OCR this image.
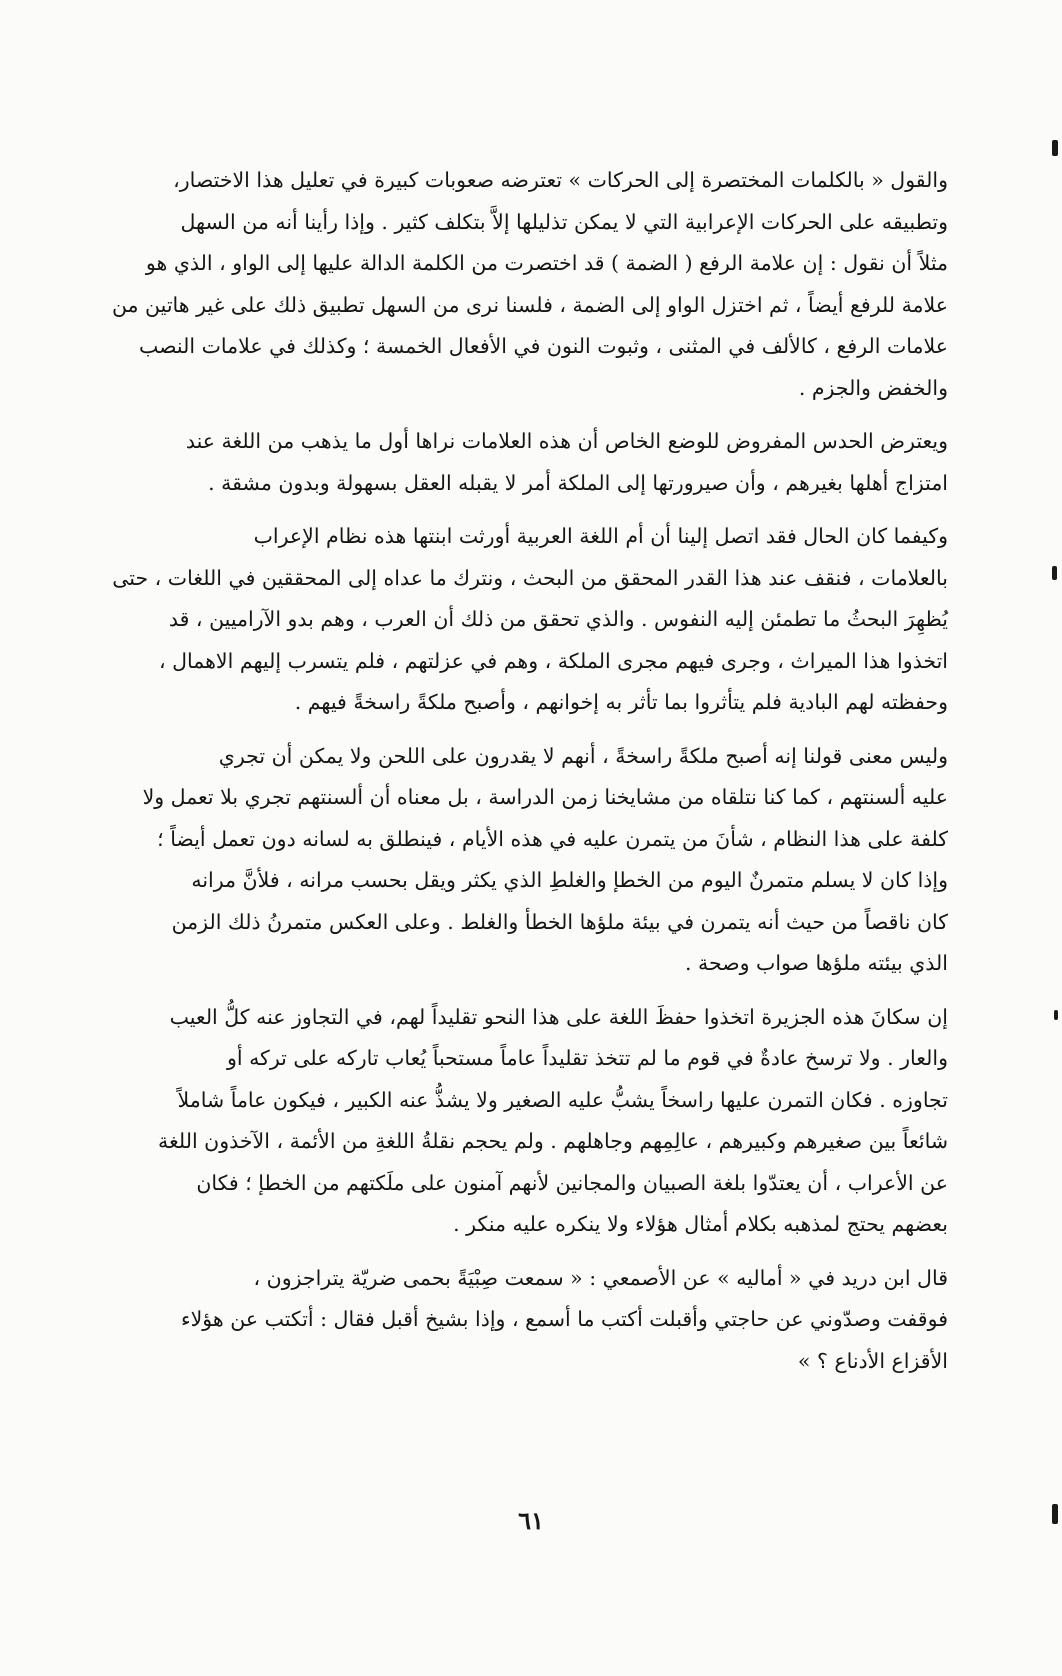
والقول « بالكلمات المختصرة إلى الحركات » تعترضه صعوبات كبيرة في تعليل هذا الاختصار،
وتطبيقه على الحركات الإعرابية التي لا يمكن تذليلها إلاَّ بتكلف كثير . وإذا رأينا أنه من السهل
مثلاً أن نقول : إن علامة الرفع ( الضمة ) قد اختصرت من الكلمة الدالة عليها إلى الواو ، الذي هو
علامة للرفع أيضاً ، ثم اختزل الواو إلى الضمة ، فلسنا نرى من السهل تطبيق ذلك على غير هاتين من
علامات الرفع ، كالألف في المثنى ، وثبوت النون في الأفعال الخمسة ؛ وكذلك في علامات النصب
والخفض والجزم .

ويعترض الحدس المفروض للوضع الخاص أن هذه العلامات نراها أول ما يذهب من اللغة عند
امتزاج أهلها بغيرهم ، وأن صيرورتها إلى الملكة أمر لا يقبله العقل بسهولة وبدون مشقة .

وكيفما كان الحال فقد اتصل إلينا أن أم اللغة العربية أورثت ابنتها هذه نظام الإعراب
بالعلامات ، فنقف عند هذا القدر المحقق من البحث ، ونترك ما عداه إلى المحققين في اللغات ، حتى
يُظهِرَ البحثُ ما تطمئن إليه النفوس . والذي تحقق من ذلك أن العرب ، وهم بدو الآراميين ، قد
اتخذوا هذا الميراث ، وجرى فيهم مجرى الملكة ، وهم في عزلتهم ، فلم يتسرب إليهم الاهمال ،
وحفظته لهم البادية فلم يتأثروا بما تأثر به إخوانهم ، وأصبح ملكةً راسخةً فيهم .

وليس معنى قولنا إنه أصبح ملكةً راسخةً ، أنهم لا يقدرون على اللحن ولا يمكن أن تجري
عليه ألسنتهم ، كما كنا نتلقاه من مشايخنا زمن الدراسة ، بل معناه أن ألسنتهم تجري بلا تعمل ولا
كلفة على هذا النظام ، شأنَ من يتمرن عليه في هذه الأيام ، فينطلق به لسانه دون تعمل أيضاً ؛
وإذا كان لا يسلم متمرنٌ اليوم من الخطإ والغلطِ الذي يكثر ويقل بحسب مرانه ، فلأنَّ مرانه
كان ناقصاً من حيث أنه يتمرن في بيئة ملؤها الخطأ والغلط . وعلى العكس متمرنُ ذلك الزمن
الذي بيئته ملؤها صواب وصحة .

إن سكانَ هذه الجزيرة اتخذوا حفظَ اللغة على هذا النحو تقليداً لهم، في التجاوز عنه كلُّ العيب
والعار . ولا ترسخ عادةٌ في قوم ما لم تتخذ تقليداً عاماً مستحباً يُعاب تاركه على تركه أو
تجاوزه . فكان التمرن عليها راسخاً يشبُّ عليه الصغير ولا يشذُّ عنه الكبير ، فيكون عاماً شاملاً
شائعاً بين صغيرهم وكبيرهم ، عالِمِهم وجاهلهم . ولم يحجم نقلةُ اللغةِ من الأئمة ، الآخذون اللغة
عن الأعراب ، أن يعتدّوا بلغة الصبيان والمجانين لأنهم آمنون على ملَكتهم من الخطإ ؛ فكان
بعضهم يحتج لمذهبه بكلام أمثال هؤلاء ولا ينكره عليه منكر .

قال ابن دريد في « أماليه » عن الأصمعي : « سمعت صِبْيَةً بحمى ضريّة يتراجزون ،
فوقفت وصدّوني عن حاجتي وأقبلت أكتب ما أسمع ، وإذا بشيخ أقبل فقال : أتكتب عن هؤلاء
الأقزاع الأدناع ؟ »

٦١
